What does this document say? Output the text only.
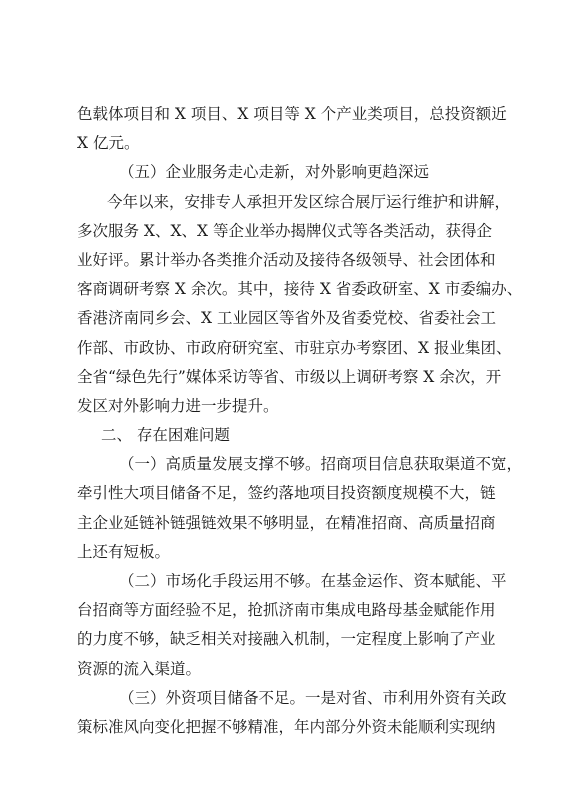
色载体项目和 X 项目、X 项目等 X 个产业类项目，总投资额近
X 亿元。
（五）企业服务走心走新，对外影响更趋深远
今年以来，安排专人承担开发区综合展厅运行维护和讲解，
多次服务 X、X、X 等企业举办揭牌仪式等各类活动，获得企
业好评。累计举办各类推介活动及接待各级领导、社会团体和
客商调研考察 X 余次。其中，接待 X 省委政研室、X 市委编办、
香港济南同乡会、X 工业园区等省外及省委党校、省委社会工
作部、市政协、市政府研究室、市驻京办考察团、X 报业集团、
全省“绿色先行”媒体采访等省、市级以上调研考察 X 余次，开
发区对外影响力进一步提升。
二、 存在困难问题
（一）高质量发展支撑不够。招商项目信息获取渠道不宽，
牵引性大项目储备不足，签约落地项目投资额度规模不大，链
主企业延链补链强链效果不够明显，在精准招商、高质量招商
上还有短板。
（二）市场化手段运用不够。在基金运作、资本赋能、平
台招商等方面经验不足，抢抓济南市集成电路母基金赋能作用
的力度不够，缺乏相关对接融入机制，一定程度上影响了产业
资源的流入渠道。
（三）外资项目储备不足。一是对省、市利用外资有关政
策标准风向变化把握不够精准，年内部分外资未能顺利实现纳
